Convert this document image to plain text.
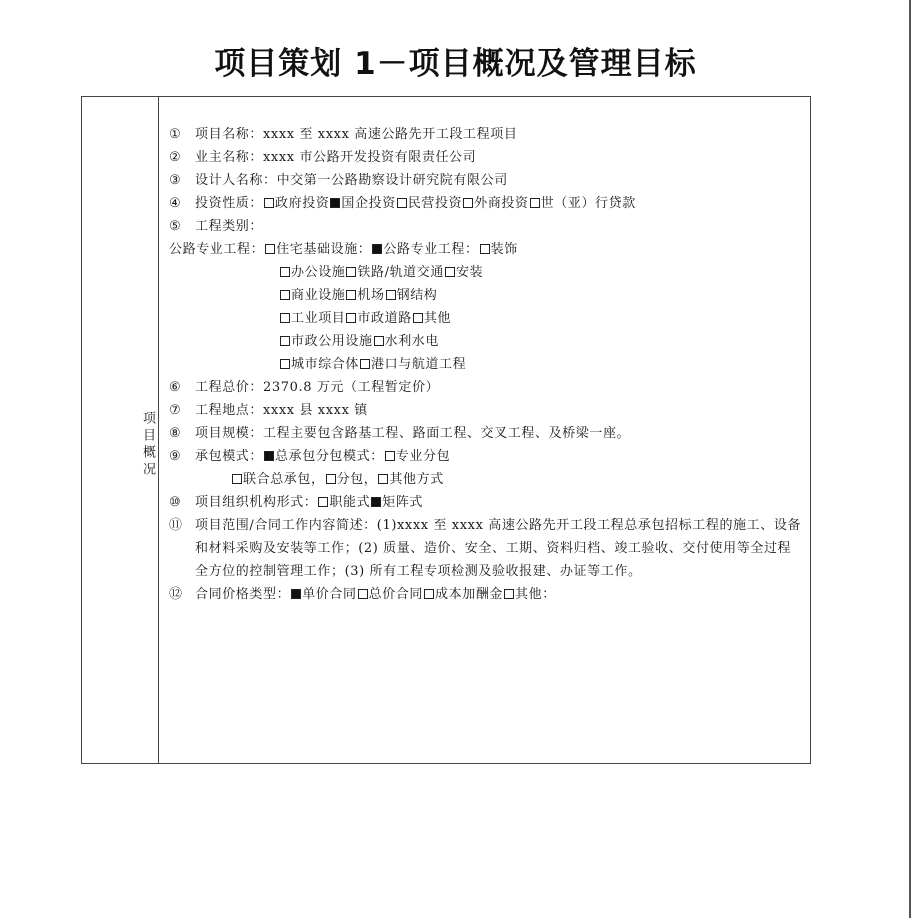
项目策划 1－项目概况及管理目标
项目概况
① 项目名称：xxxx 至 xxxx 高速公路先开工段工程项目
② 业主名称：xxxx 市公路开发投资有限责任公司
③ 设计人名称：中交第一公路勘察设计研究院有限公司
④ 投资性质： 政府投资 国企投资 民营投资 外商投资 世（亚）行贷款
⑤ 工程类别：
公路专业工程： 住宅基础设施： 公路专业工程： 装饰
办公设施 铁路/轨道交通 安装
商业设施 机场 钢结构
工业项目 市政道路 其他
市政公用设施 水利水电
城市综合体 港口与航道工程
⑥ 工程总价：2370.8 万元（工程暂定价）
⑦ 工程地点：xxxx 县 xxxx 镇
⑧ 项目规模：工程主要包含路基工程、路面工程、交叉工程、及桥梁一座。
⑨ 承包模式： 总承包分包模式： 专业分包
联合总承包， 分包， 其他方式
⑩ 项目组织机构形式： 职能式 矩阵式
⑪ 项目范围/合同工作内容简述：(1)xxxx 至 xxxx 高速公路先开工段工程总承包招标工程的施工、设备和材料采购及安装等工作；(2) 质量、造价、安全、工期、资料归档、竣工验收、交付使用等全过程全方位的控制管理工作；(3) 所有工程专项检测及验收报建、办证等工作。
⑫ 合同价格类型： 单价合同 总价合同 成本加酬金 其他：
